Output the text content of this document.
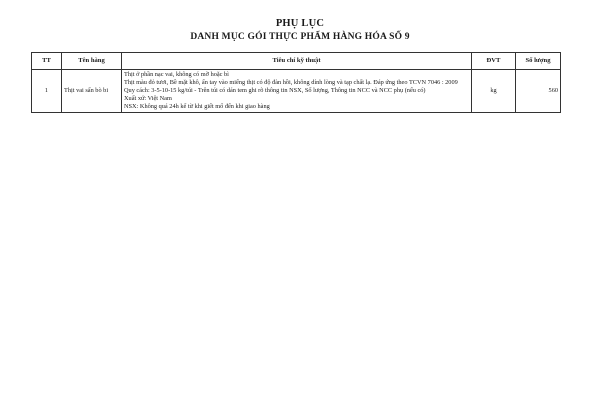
PHỤ LỤC
DANH MỤC GÓI THỰC PHẨM HÀNG HÓA SỐ 9
TT	Tên hàng	Tiêu chí kỹ thuật	ĐVT	Số lượng
1	Thịt vai sấn bò bi	Thịt ở phần nạc vai, không có mỡ hoặc bì
Thịt màu đỏ tươi, Bề mặt khô, ấn tay vào miếng thịt có độ đàn hồi, không dính lòng và tạp chất lạ. Đáp ứng theo TCVN 7046 : 2009
Quy cách: 3-5-10-15 kg/túi - Trên túi có dán tem ghi rõ thông tin NSX, Số lượng, Thông tin NCC và NCC phụ (nếu có)
Xuất xứ: Việt Nam
NSX: Không quá 24h kể từ khi giết mổ đến khi giao hàng	kg	560
